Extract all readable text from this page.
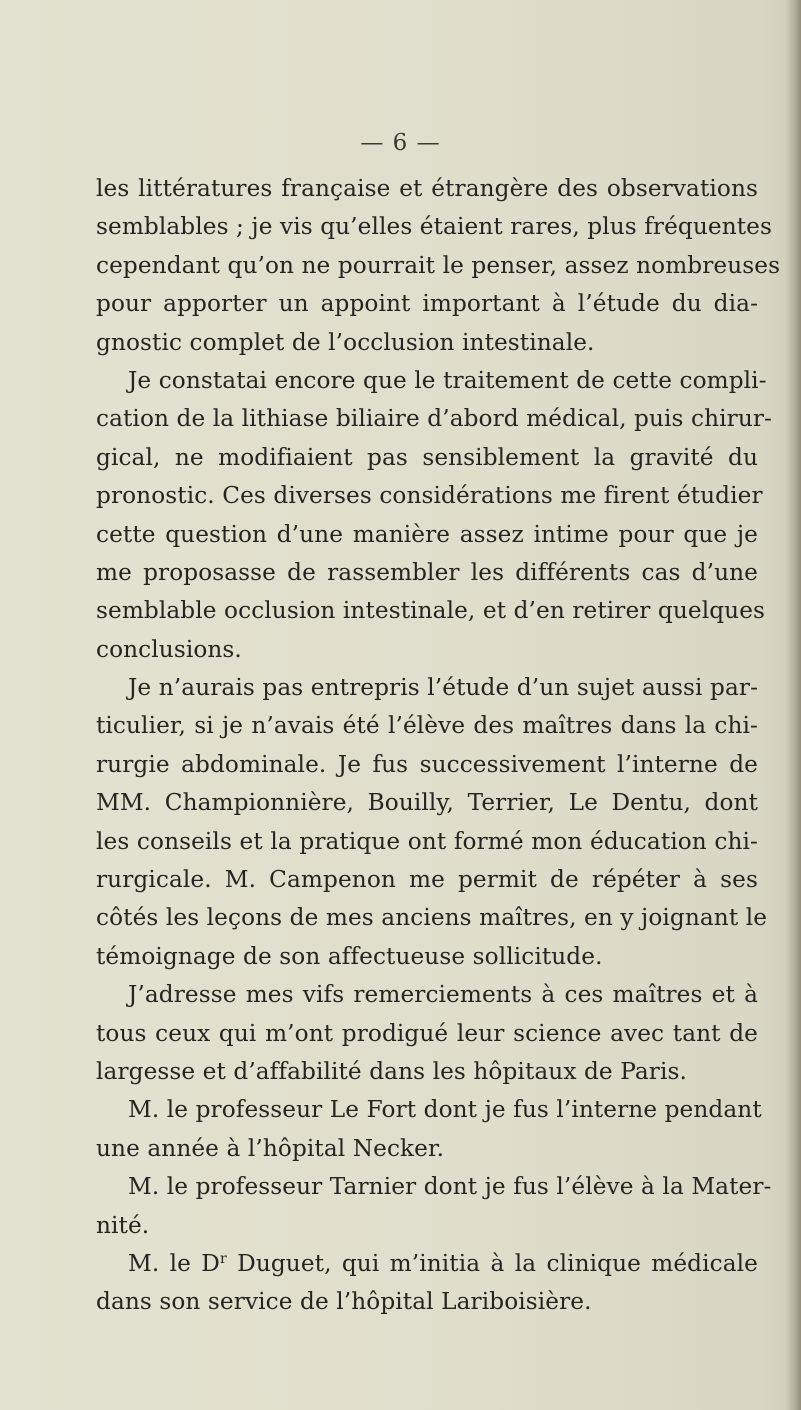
— 6 —
les littératures française et étrangère des observations
semblables ; je vis qu’elles étaient rares, plus fréquentes
cependant qu’on ne pourrait le penser, assez nombreuses
pour apporter un appoint important à l’étude du dia-
gnostic complet de l’occlusion intestinale.
Je constatai encore que le traitement de cette compli-
cation de la lithiase biliaire d’abord médical, puis chirur-
gical, ne modifiaient pas sensiblement la gravité du
pronostic. Ces diverses considérations me firent étudier
cette question d’une manière assez intime pour que je
me proposasse de rassembler les différents cas d’une
semblable occlusion intestinale, et d’en retirer quelques
conclusions.
Je n’aurais pas entrepris l’étude d’un sujet aussi par-
ticulier, si je n’avais été l’élève des maîtres dans la chi-
rurgie abdominale. Je fus successivement l’interne de
MM. Championnière, Bouilly, Terrier, Le Dentu, dont
les conseils et la pratique ont formé mon éducation chi-
rurgicale. M. Campenon me permit de répéter à ses
côtés les leçons de mes anciens maîtres, en y joignant le
témoignage de son affectueuse sollicitude.
J’adresse mes vifs remerciements à ces maîtres et à
tous ceux qui m’ont prodigué leur science avec tant de
largesse et d’affabilité dans les hôpitaux de Paris.
M. le professeur Le Fort dont je fus l’interne pendant
une année à l’hôpital Necker.
M. le professeur Tarnier dont je fus l’élève à la Mater-
nité.
M. le $D^r$ Duguet, qui m’initia à la clinique médicale
dans son service de l’hôpital Lariboisière.
